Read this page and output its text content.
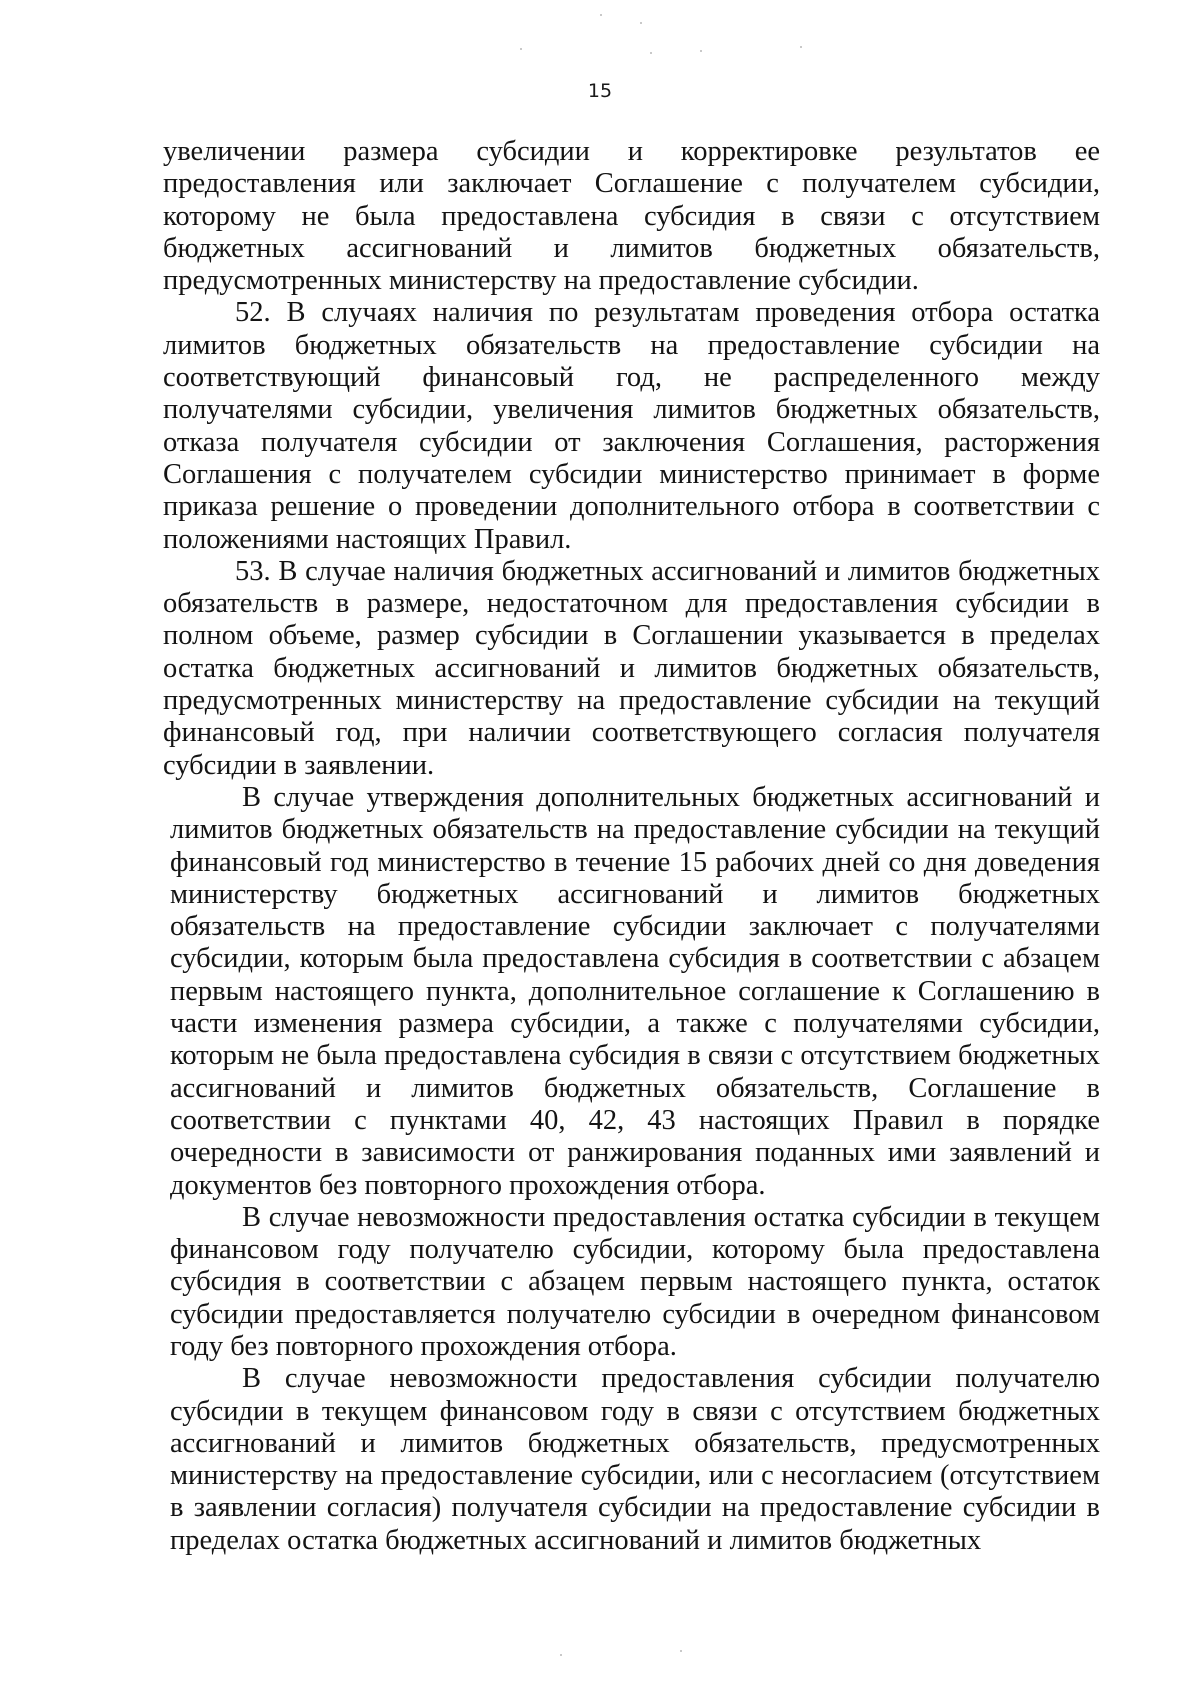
15

увеличении размера субсидии и корректировке результатов ее предоставления или заключает Соглашение с получателем субсидии, которому не была предоставлена субсидия в связи с отсутствием бюджетных ассигнований и лимитов бюджетных обязательств, предусмотренных министерству на предоставление субсидии.

52. В случаях наличия по результатам проведения отбора остатка лимитов бюджетных обязательств на предоставление субсидии на соответствующий финансовый год, не распределенного между получателями субсидии, увеличения лимитов бюджетных обязательств, отказа получателя субсидии от заключения Соглашения, расторжения Соглашения с получателем субсидии министерство принимает в форме приказа решение о проведении дополнительного отбора в соответствии с положениями настоящих Правил.

53. В случае наличия бюджетных ассигнований и лимитов бюджетных обязательств в размере, недостаточном для предоставления субсидии в полном объеме, размер субсидии в Соглашении указывается в пределах остатка бюджетных ассигнований и лимитов бюджетных обязательств, предусмотренных министерству на предоставление субсидии на текущий финансовый год, при наличии соответствующего согласия получателя субсидии в заявлении.

В случае утверждения дополнительных бюджетных ассигнований и лимитов бюджетных обязательств на предоставление субсидии на текущий финансовый год министерство в течение 15 рабочих дней со дня доведения министерству бюджетных ассигнований и лимитов бюджетных обязательств на предоставление субсидии заключает с получателями субсидии, которым была предоставлена субсидия в соответствии с абзацем первым настоящего пункта, дополнительное соглашение к Соглашению в части изменения размера субсидии, а также с получателями субсидии, которым не была предоставлена субсидия в связи с отсутствием бюджетных ассигнований и лимитов бюджетных обязательств, Соглашение в соответствии с пунктами 40, 42, 43 настоящих Правил в порядке очередности в зависимости от ранжирования поданных ими заявлений и документов без повторного прохождения отбора.

В случае невозможности предоставления остатка субсидии в текущем финансовом году получателю субсидии, которому была предоставлена субсидия в соответствии с абзацем первым настоящего пункта, остаток субсидии предоставляется получателю субсидии в очередном финансовом году без повторного прохождения отбора.

В случае невозможности предоставления субсидии получателю субсидии в текущем финансовом году в связи с отсутствием бюджетных ассигнований и лимитов бюджетных обязательств, предусмотренных министерству на предоставление субсидии, или с несогласием (отсутствием в заявлении согласия) получателя субсидии на предоставление субсидии в пределах остатка бюджетных ассигнований и лимитов бюджетных
